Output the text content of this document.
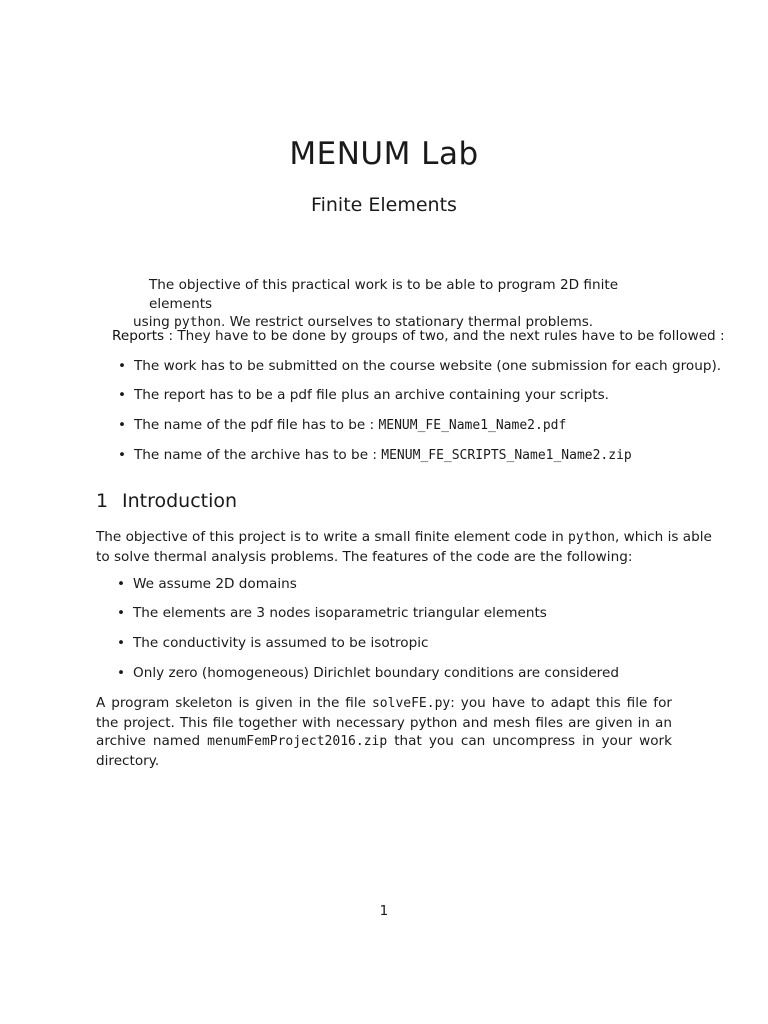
MENUM Lab
Finite Elements
The objective of this practical work is to be able to program 2D finite elements
using python. We restrict ourselves to stationary thermal problems.
Reports : They have to be done by groups of two, and the next rules have to be followed :
• The work has to be submitted on the course website (one submission for each group).
• The report has to be a pdf file plus an archive containing your scripts.
• The name of the pdf file has to be : MENUM_FE_Name1_Name2.pdf
• The name of the archive has to be : MENUM_FE_SCRIPTS_Name1_Name2.zip
1 Introduction
The objective of this project is to write a small finite element code in python, which is able
to solve thermal analysis problems. The features of the code are the following:
• We assume 2D domains
• The elements are 3 nodes isoparametric triangular elements
• The conductivity is assumed to be isotropic
• Only zero (homogeneous) Dirichlet boundary conditions are considered
A program skeleton is given in the file solveFE.py: you have to adapt this file for the project. This file together with necessary python and mesh files are given in an archive named menumFemProject2016.zip that you can uncompress in your work directory.
1
